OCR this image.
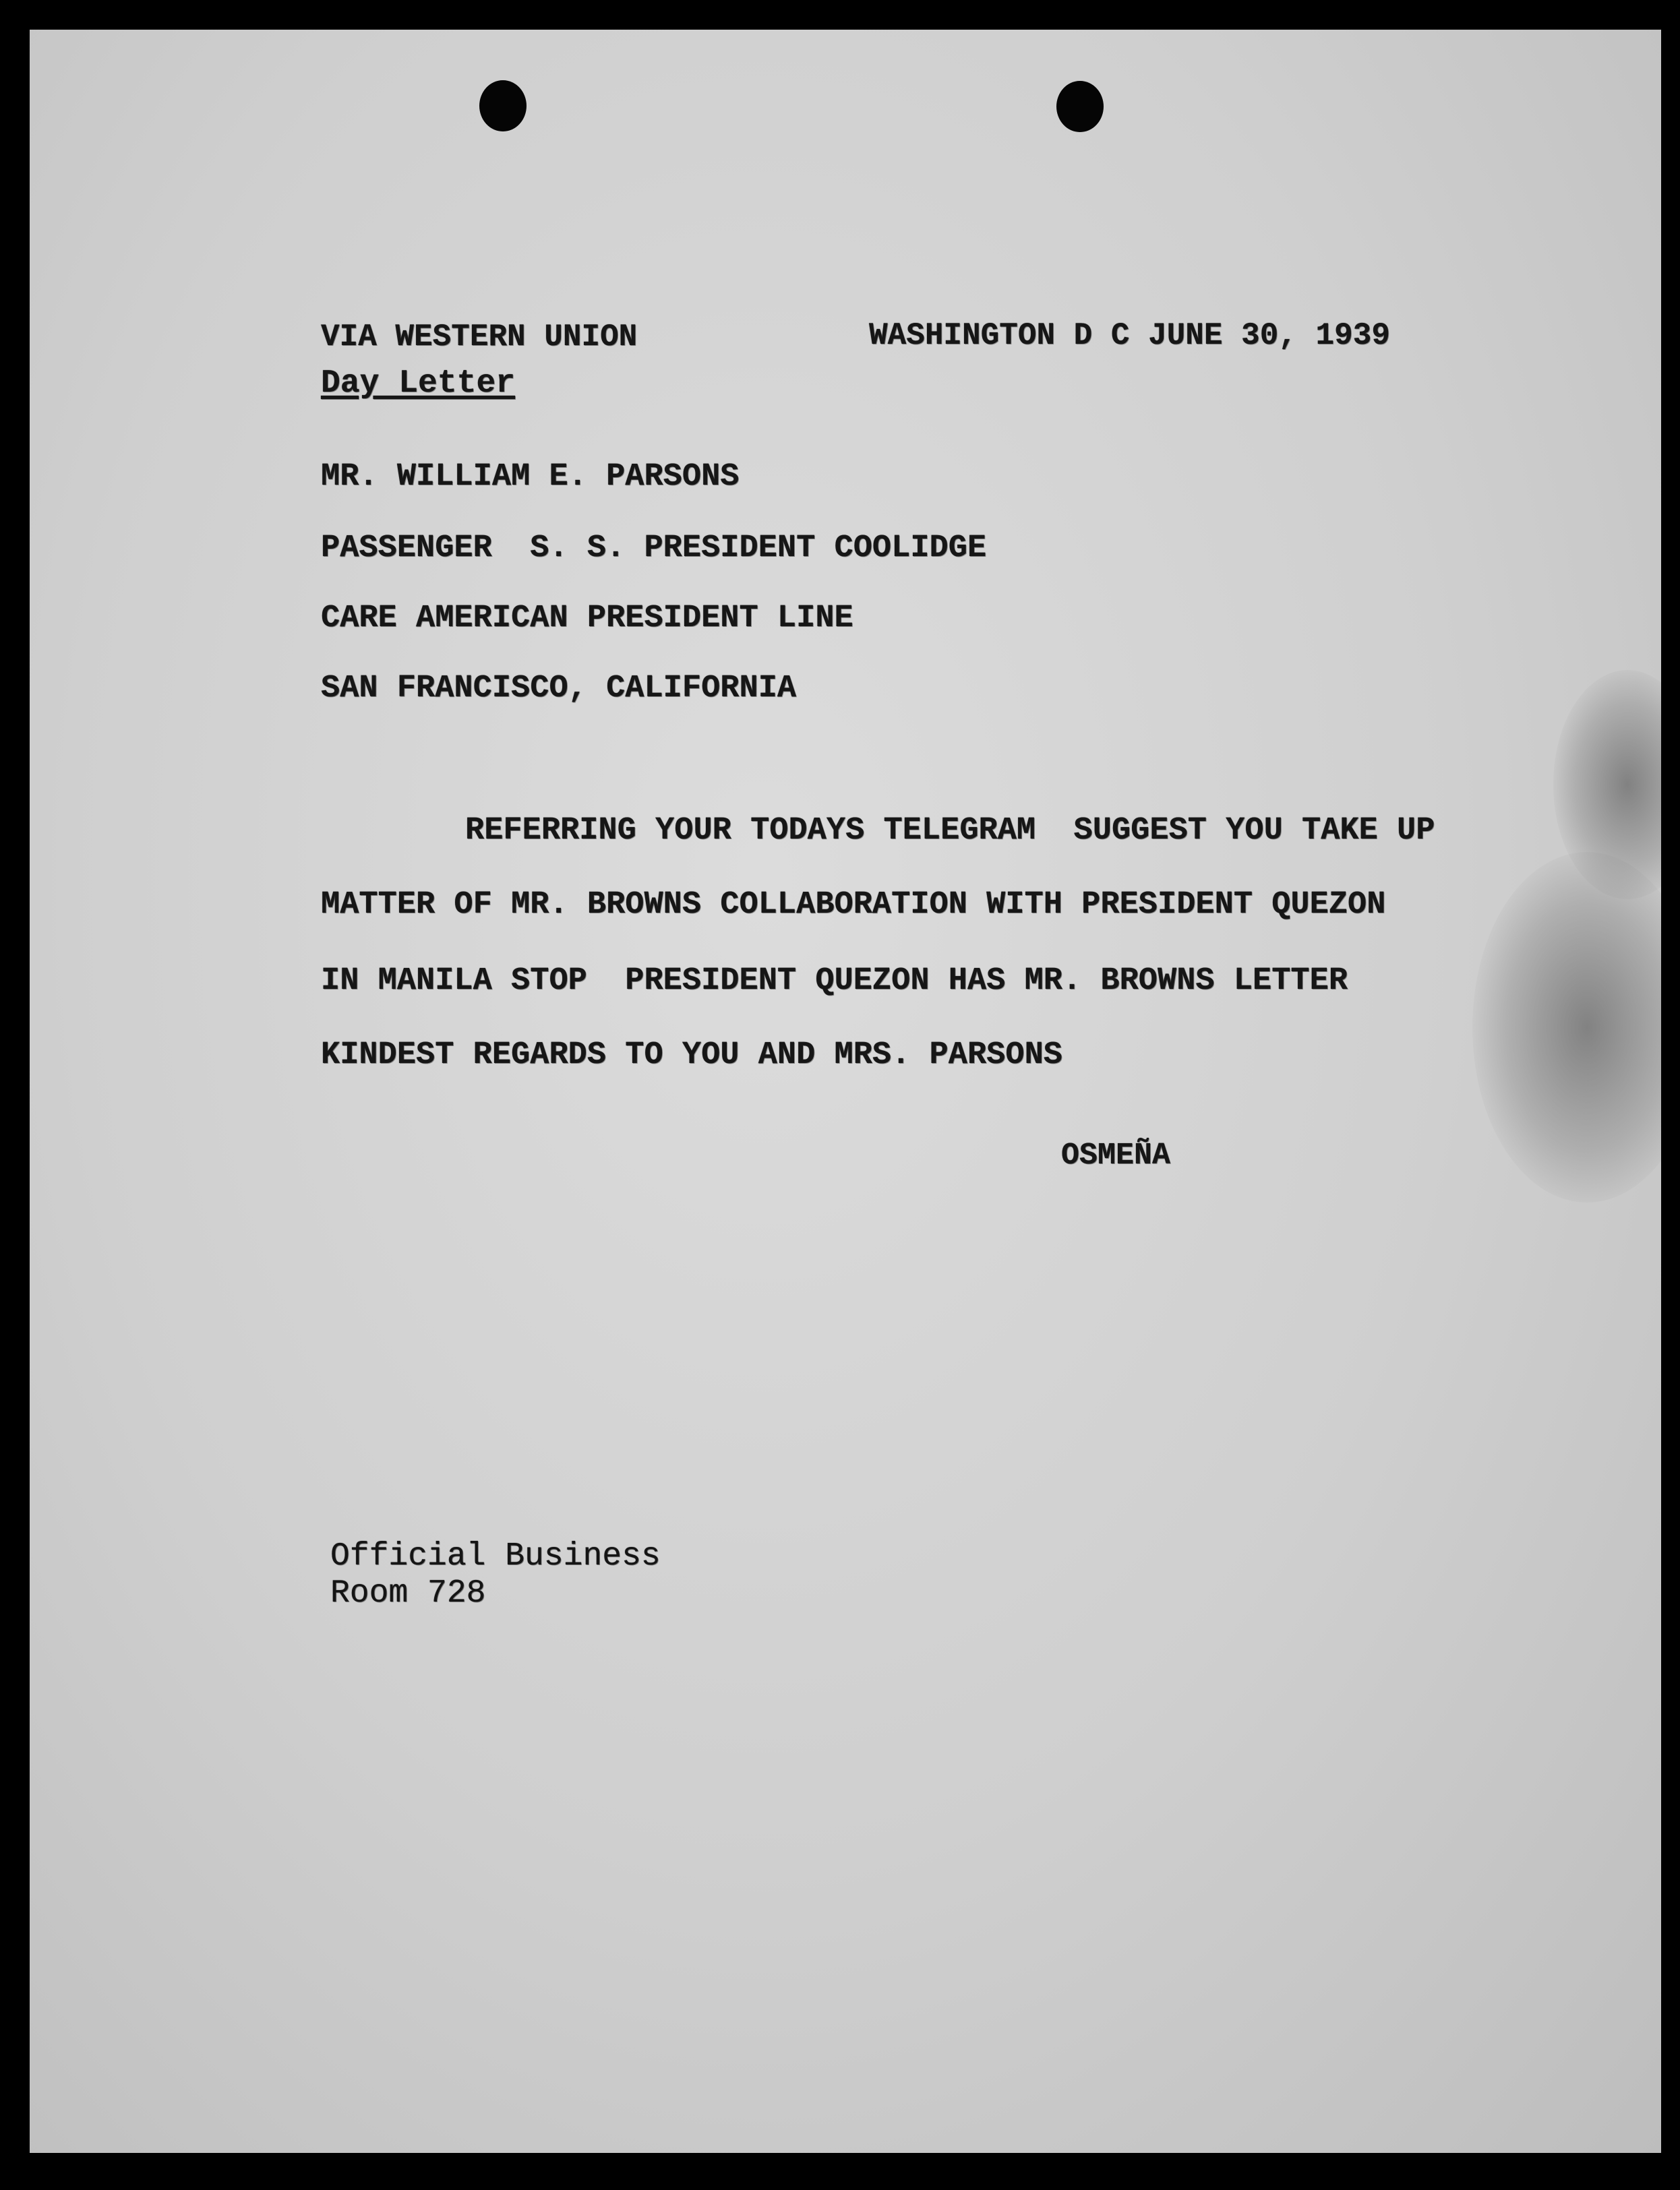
VIA WESTERN UNION	WASHINGTON D C JUNE 30, 1939
Day Letter
MR. WILLIAM E. PARSONS
PASSENGER  S. S. PRESIDENT COOLIDGE
CARE AMERICAN PRESIDENT LINE
SAN FRANCISCO, CALIFORNIA
REFERRING YOUR TODAYS TELEGRAM  SUGGEST YOU TAKE UP
MATTER OF MR. BROWNS COLLABORATION WITH PRESIDENT QUEZON
IN MANILA STOP  PRESIDENT QUEZON HAS MR. BROWNS LETTER
KINDEST REGARDS TO YOU AND MRS. PARSONS
OSMEÑA
Official Business
Room 728
